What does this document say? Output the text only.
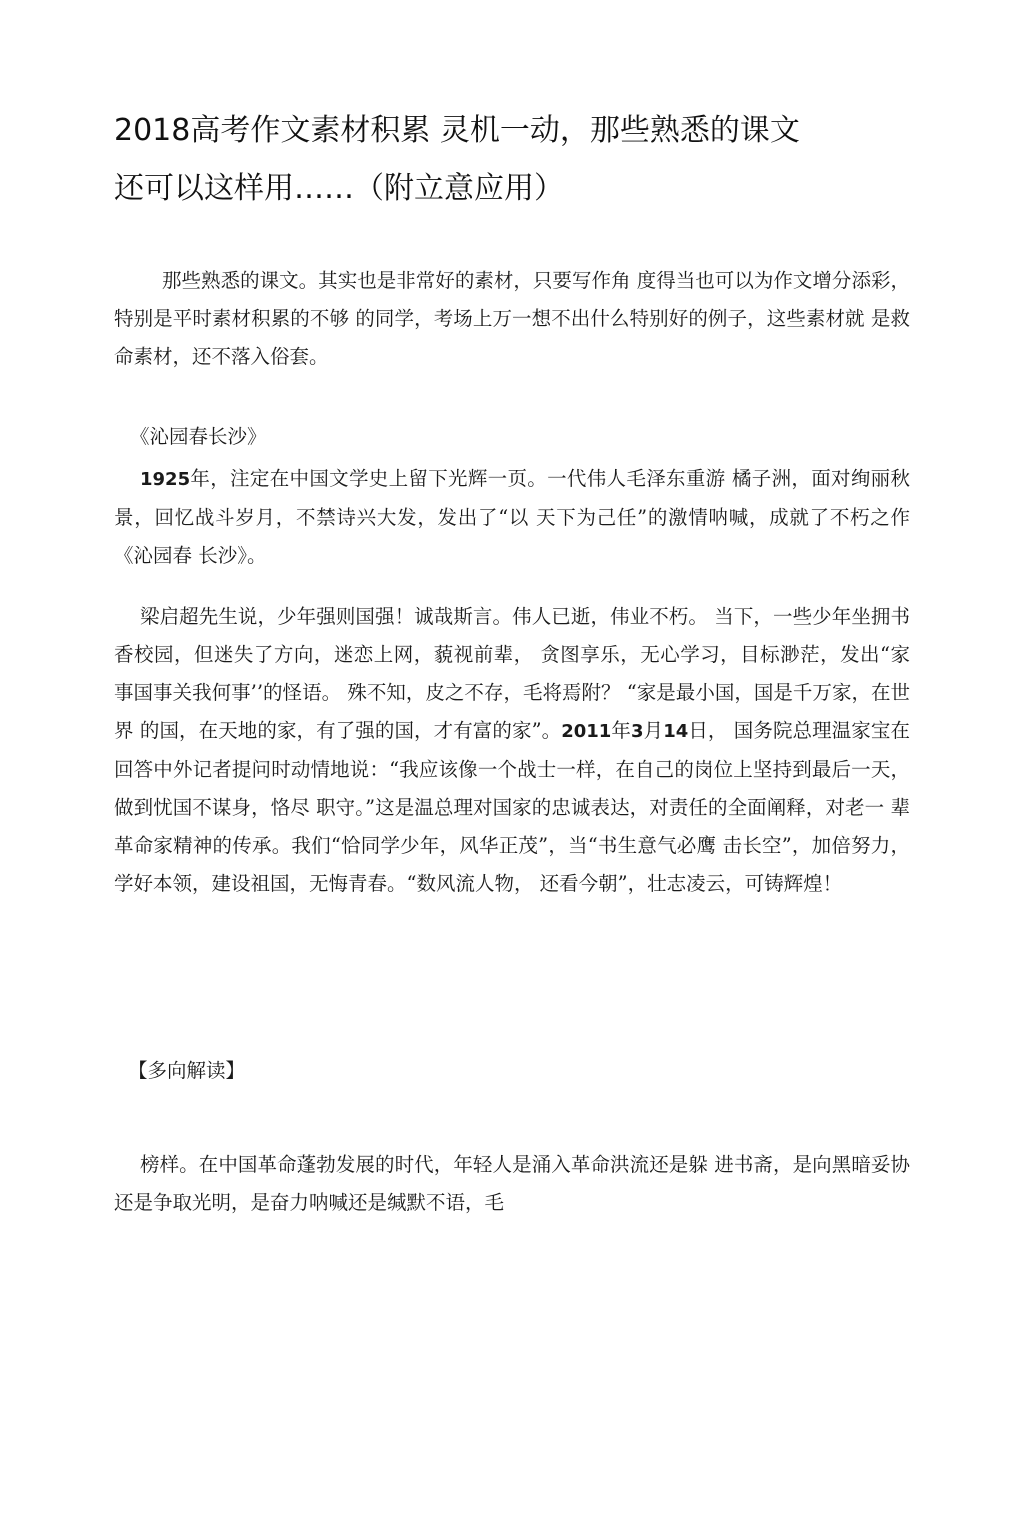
2018高考作文素材积累 灵机一动，那些熟悉的课文
还可以这样用……（附立意应用）

那些熟悉的课文。其实也是非常好的素材，只要写作角 度得当也可以为作文增分添彩，特别是平时素材积累的不够 的同学，考场上万一想不出什么特别好的例子，这些素材就 是救命素材，还不落入俗套。

《沁园春长沙》

1925年，注定在中国文学史上留下光辉一页。一代伟人毛泽东重游 橘子洲，面对绚丽秋景，回忆战斗岁月，不禁诗兴大发，发出了“以 天下为己任”的激情呐喊，成就了不朽之作《沁园春 长沙》。

梁启超先生说，少年强则国强！诚哉斯言。伟人已逝，伟业不朽。 当下，一些少年坐拥书香校园，但迷失了方向，迷恋上网，藐视前辈， 贪图享乐，无心学习，目标渺茫，发出“家事国事关我何事’’的怪语。 殊不知，皮之不存，毛将焉附？ “家是最小国，国是千万家，在世界 的国，在天地的家，有了强的国，才有富的家”。2011年3月14日， 国务院总理温家宝在回答中外记者提问时动情地说：“我应该像一个战士一样，在自己的岗位上坚持到最后一天，做到忧国不谋身，恪尽 职守。”这是温总理对国家的忠诚表达，对责任的全面阐释，对老一 辈革命家精神的传承。我们“恰同学少年，风华正茂”，当“书生意气必鹰 击长空”，加倍努力，学好本领，建设祖国，无悔青春。“数风流人物， 还看今朝”，壮志凌云，可铸辉煌！

【多向解读】

榜样。在中国革命蓬勃发展的时代，年轻人是涌入革命洪流还是躲 进书斋，是向黑暗妥协还是争取光明，是奋力呐喊还是缄默不语，毛
